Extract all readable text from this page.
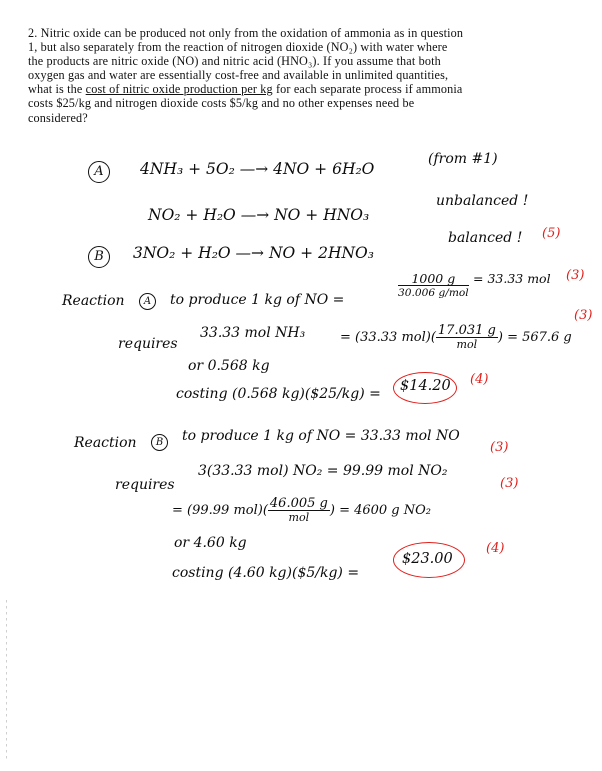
2. Nitric oxide can be produced not only from the oxidation of ammonia as in question
1, but also separately from the reaction of nitrogen dioxide (NO₂) with water where
the products are nitric oxide (NO) and nitric acid (HNO₃). If you assume that both
oxygen gas and water are essentially cost-free and available in unlimited quantities,
what is the cost of nitric oxide production per kg for each separate process if ammonia
costs $25/kg and nitrogen dioxide costs $5/kg and no other expenses need be
considered?
A	4NH₃ + 5O₂ —→ 4NO + 6H₂O
(from #1)
NO₂ + H₂O —→ NO + HNO₃
unbalanced !
B	3NO₂ + H₂O —→ NO + 2HNO₃
balanced ! (5)
Reaction	A	to produce 1 kg of NO =
$\frac{1000 g}{\text{30.006 g/mol}} = 33.33$ mol (3)
requires
33.33 mol NH₃	= (33.33 $mol)( \frac{17.031 g}{\text{mol}}$ ) = 567.6 g
(3)
or 0.568 kg
costing (0.568 kg)($25/kg) = $14.20 (4)
Reaction	B	to produce 1 kg of NO = 33.33 mol NO
requires
3(33.33 mol) NO₂ = 99.99 mol NO₂
(3)
= (99.99 $mol)( \frac{46.005 g}{\text{mol}}$ ) = 4600 g NO₂
(3)
or 4.60 kg
costing (4.60 kg)($5/kg) =
$23.00
(4)
